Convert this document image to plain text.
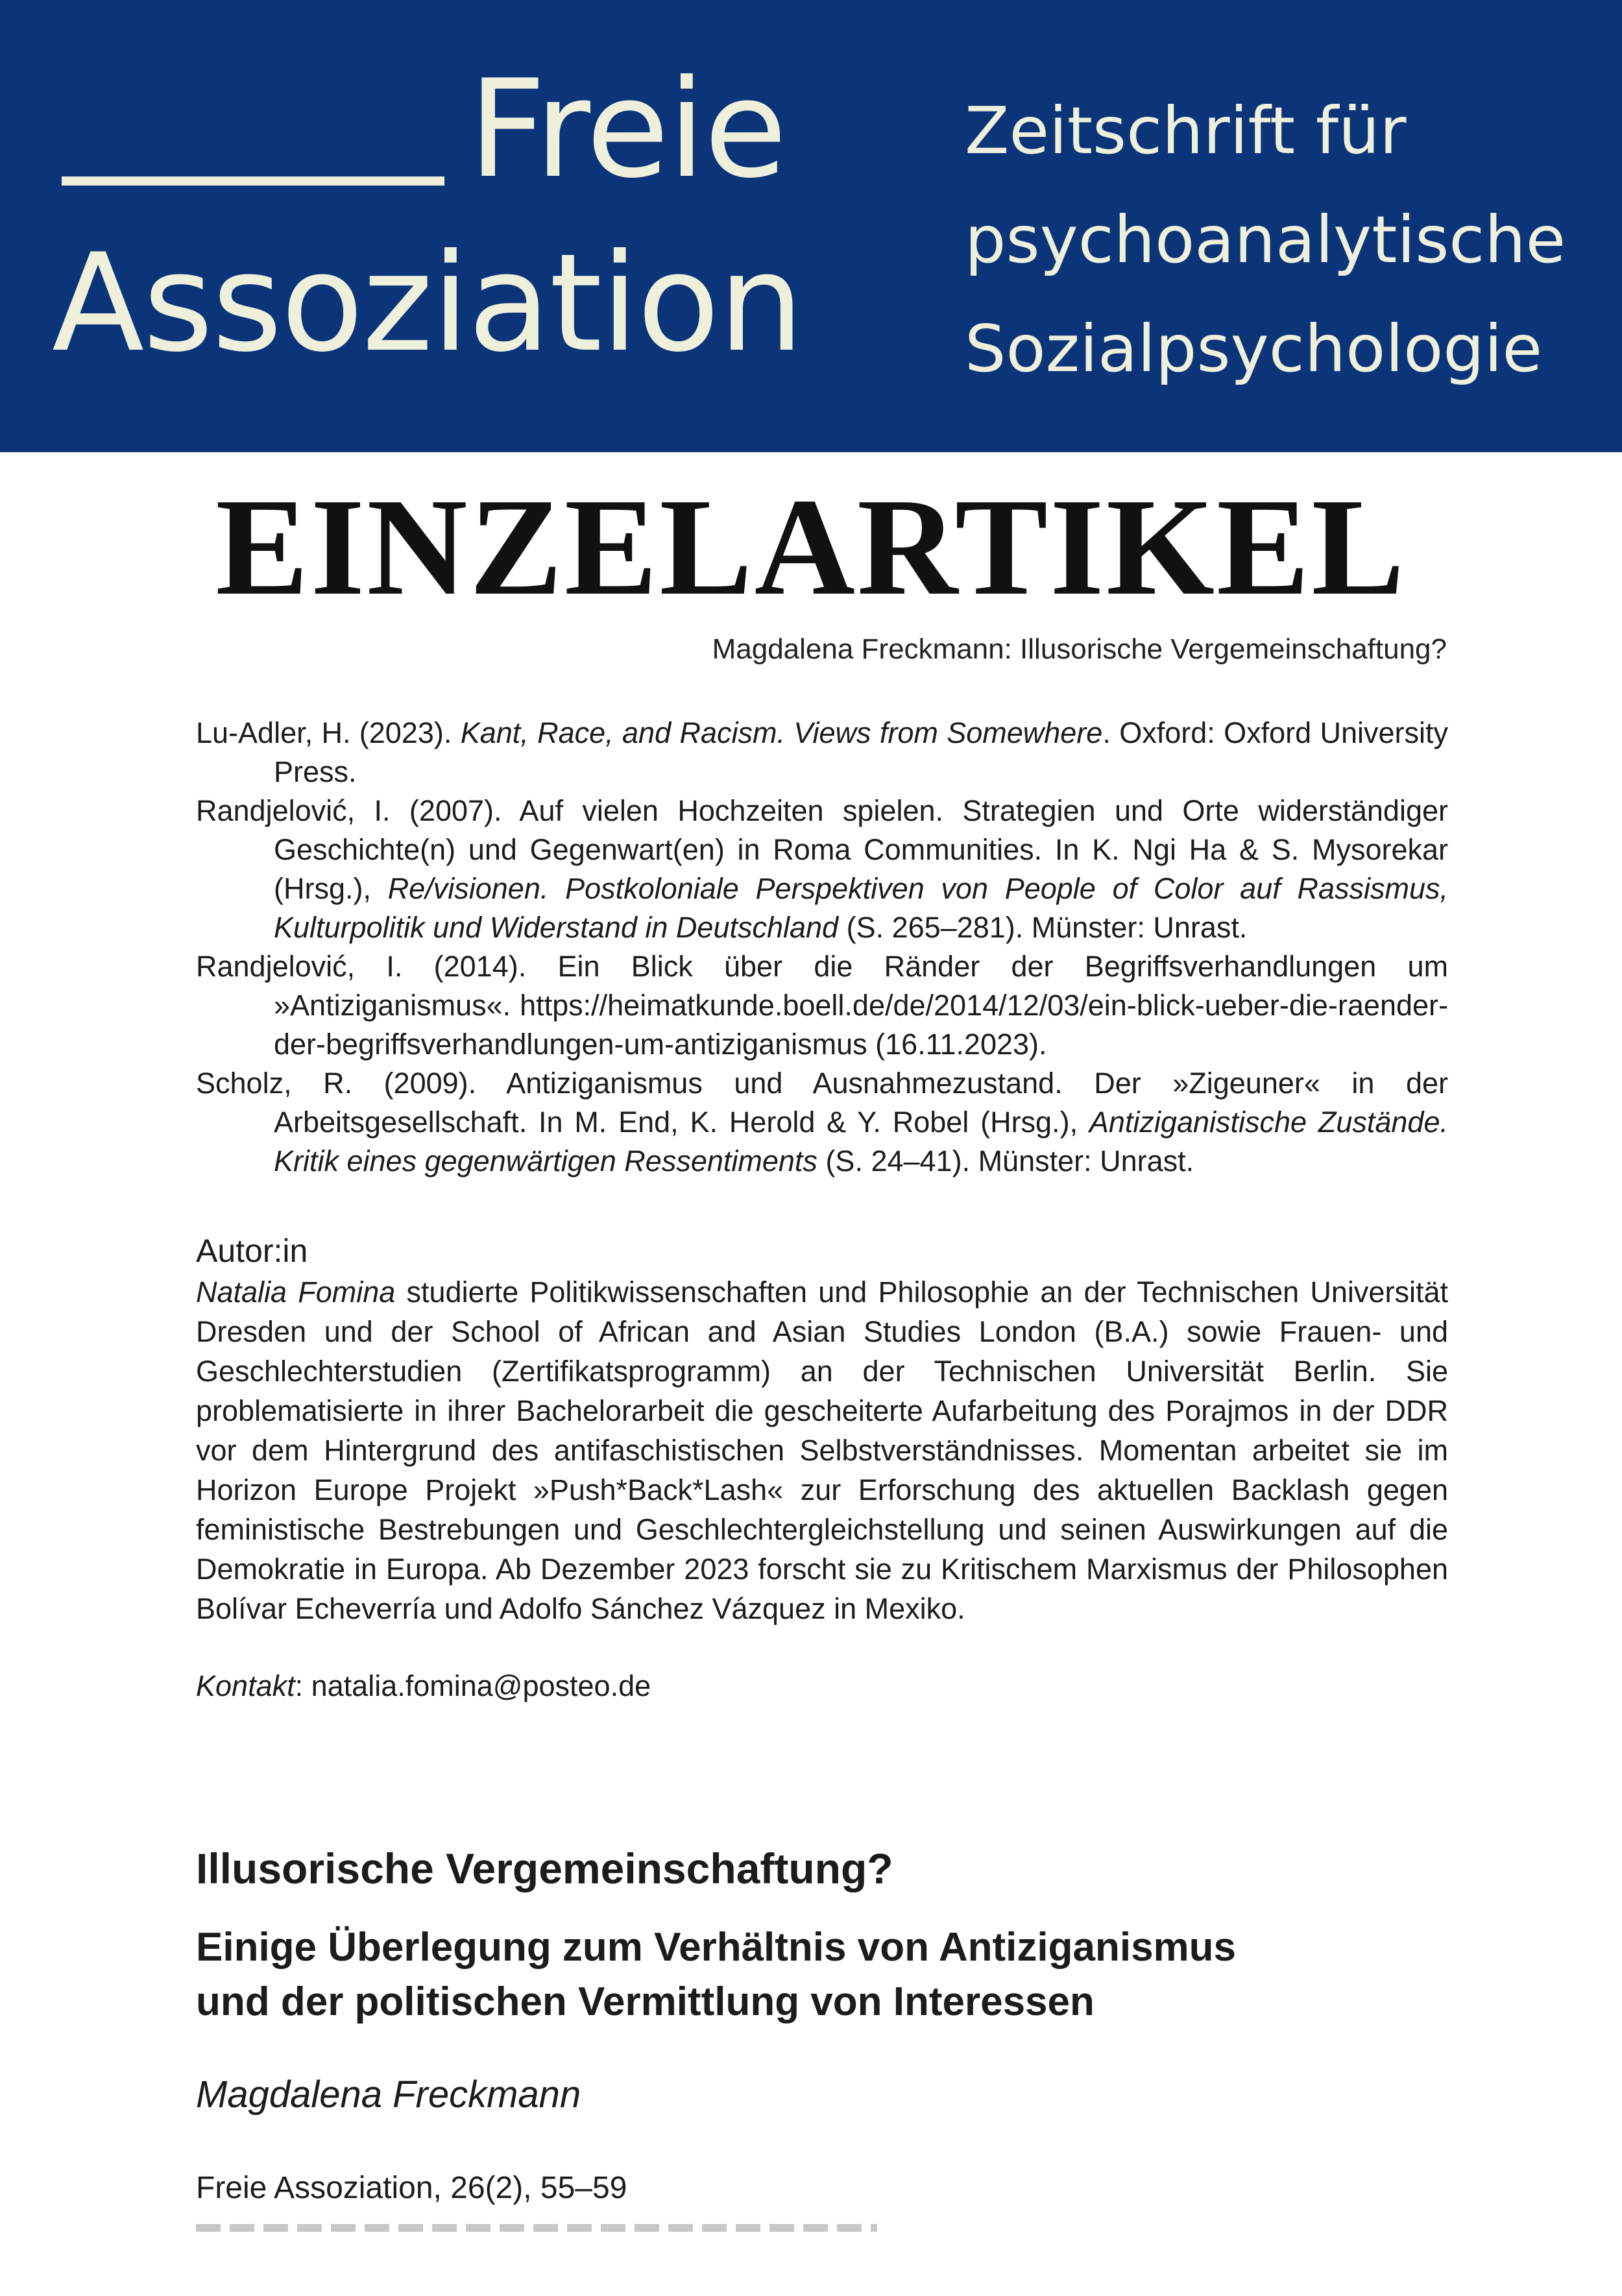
Freie
Assoziation
Zeitschrift für
psychoanalytische
Sozialpsychologie
EINZELARTIKEL
Magdalena Freckmann: Illusorische Vergemeinschaftung?

Lu-Adler, H. (2023). Kant, Race, and Racism. Views from Somewhere. Oxford: Oxford University Press.

Randjelović, I. (2007). Auf vielen Hochzeiten spielen. Strategien und Orte widerständiger Geschichte(n) und Gegenwart(en) in Roma Communities. In K. Ngi Ha & S. Mysorekar (Hrsg.), Re/visionen. Postkoloniale Perspektiven von People of Color auf Rassismus, Kulturpolitik und Widerstand in Deutschland (S. 265–281). Münster: Unrast.

Randjelović, I. (2014). Ein Blick über die Ränder der Begriffsverhandlungen um »Antiziganismus«. https://heimatkunde.boell.de/de/2014/12/03/ein-blick-ueber-die-raender-der-begriffsverhandlungen-um-antiziganismus (16.11.2023).

Scholz, R. (2009). Antiziganismus und Ausnahmezustand. Der »Zigeuner« in der Arbeitsgesellschaft. In M. End, K. Herold & Y. Robel (Hrsg.), Antiziganistische Zustände. Kritik eines gegenwärtigen Ressentiments (S. 24–41). Münster: Unrast.

Autor:in

Natalia Fomina studierte Politikwissenschaften und Philosophie an der Technischen Universität Dresden und der School of African and Asian Studies London (B.A.) sowie Frauen- und Geschlechterstudien (Zertifikatsprogramm) an der Technischen Universität Berlin. Sie problematisierte in ihrer Bachelorarbeit die gescheiterte Aufarbeitung des Porajmos in der DDR vor dem Hintergrund des antifaschistischen Selbstverständnisses. Momentan arbeitet sie im Horizon Europe Projekt »Push*Back*Lash« zur Erforschung des aktuellen Backlash gegen feministische Bestrebungen und Geschlechtergleichstellung und seinen Auswirkungen auf die Demokratie in Europa. Ab Dezember 2023 forscht sie zu Kritischem Marxismus der Philosophen Bolívar Echeverría und Adolfo Sánchez Vázquez in Mexiko.

Kontakt: natalia.fomina@posteo.de
Illusorische Vergemeinschaftung?
Einige Überlegung zum Verhältnis von Antiziganismus
und der politischen Vermittlung von Interessen
Magdalena Freckmann
Freie Assoziation, 26(2), 55–59
